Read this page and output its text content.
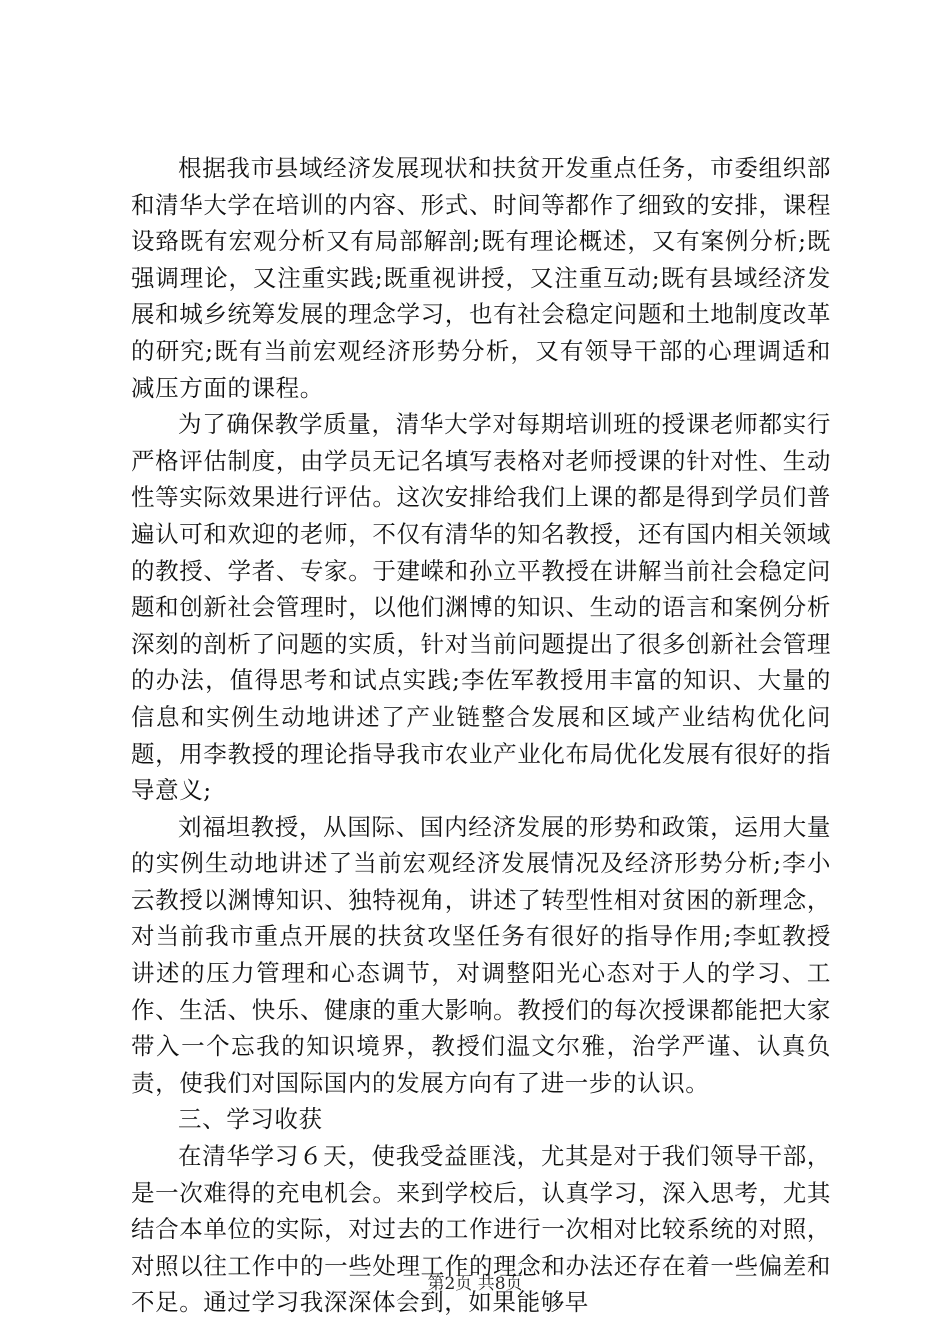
根据我市县域经济发展现状和扶贫开发重点任务，市委组织部和清华大学在培训的内容、形式、时间等都作了细致的安排，课程设臵既有宏观分析又有局部解剖;既有理论概述，又有案例分析;既强调理论，又注重实践;既重视讲授，又注重互动;既有县域经济发展和城乡统筹发展的理念学习，也有社会稳定问题和土地制度改革的研究;既有当前宏观经济形势分析，又有领导干部的心理调适和减压方面的课程。

为了确保教学质量，清华大学对每期培训班的授课老师都实行严格评估制度，由学员无记名填写表格对老师授课的针对性、生动性等实际效果进行评估。这次安排给我们上课的都是得到学员们普遍认可和欢迎的老师，不仅有清华的知名教授，还有国内相关领域的教授、学者、专家。于建嵘和孙立平教授在讲解当前社会稳定问题和创新社会管理时，以他们渊博的知识、生动的语言和案例分析深刻的剖析了问题的实质，针对当前问题提出了很多创新社会管理的办法，值得思考和试点实践;李佐军教授用丰富的知识、大量的信息和实例生动地讲述了产业链整合发展和区域产业结构优化问题，用李教授的理论指导我市农业产业化布局优化发展有很好的指导意义;

刘福坦教授，从国际、国内经济发展的形势和政策，运用大量的实例生动地讲述了当前宏观经济发展情况及经济形势分析;李小云教授以渊博知识、独特视角，讲述了转型性相对贫困的新理念，对当前我市重点开展的扶贫攻坚任务有很好的指导作用;李虹教授讲述的压力管理和心态调节，对调整阳光心态对于人的学习、工作、生活、快乐、健康的重大影响。教授们的每次授课都能把大家带入一个忘我的知识境界，教授们温文尔雅，治学严谨、认真负责，使我们对国际国内的发展方向有了进一步的认识。

三、学习收获

在清华学习６天，使我受益匪浅，尤其是对于我们领导干部，是一次难得的充电机会。来到学校后，认真学习，深入思考，尤其结合本单位的实际，对过去的工作进行一次相对比较系统的对照，对照以往工作中的一些处理工作的理念和办法还存在着一些偏差和不足。通过学习我深深体会到，如果能够早

第2页 共8页
